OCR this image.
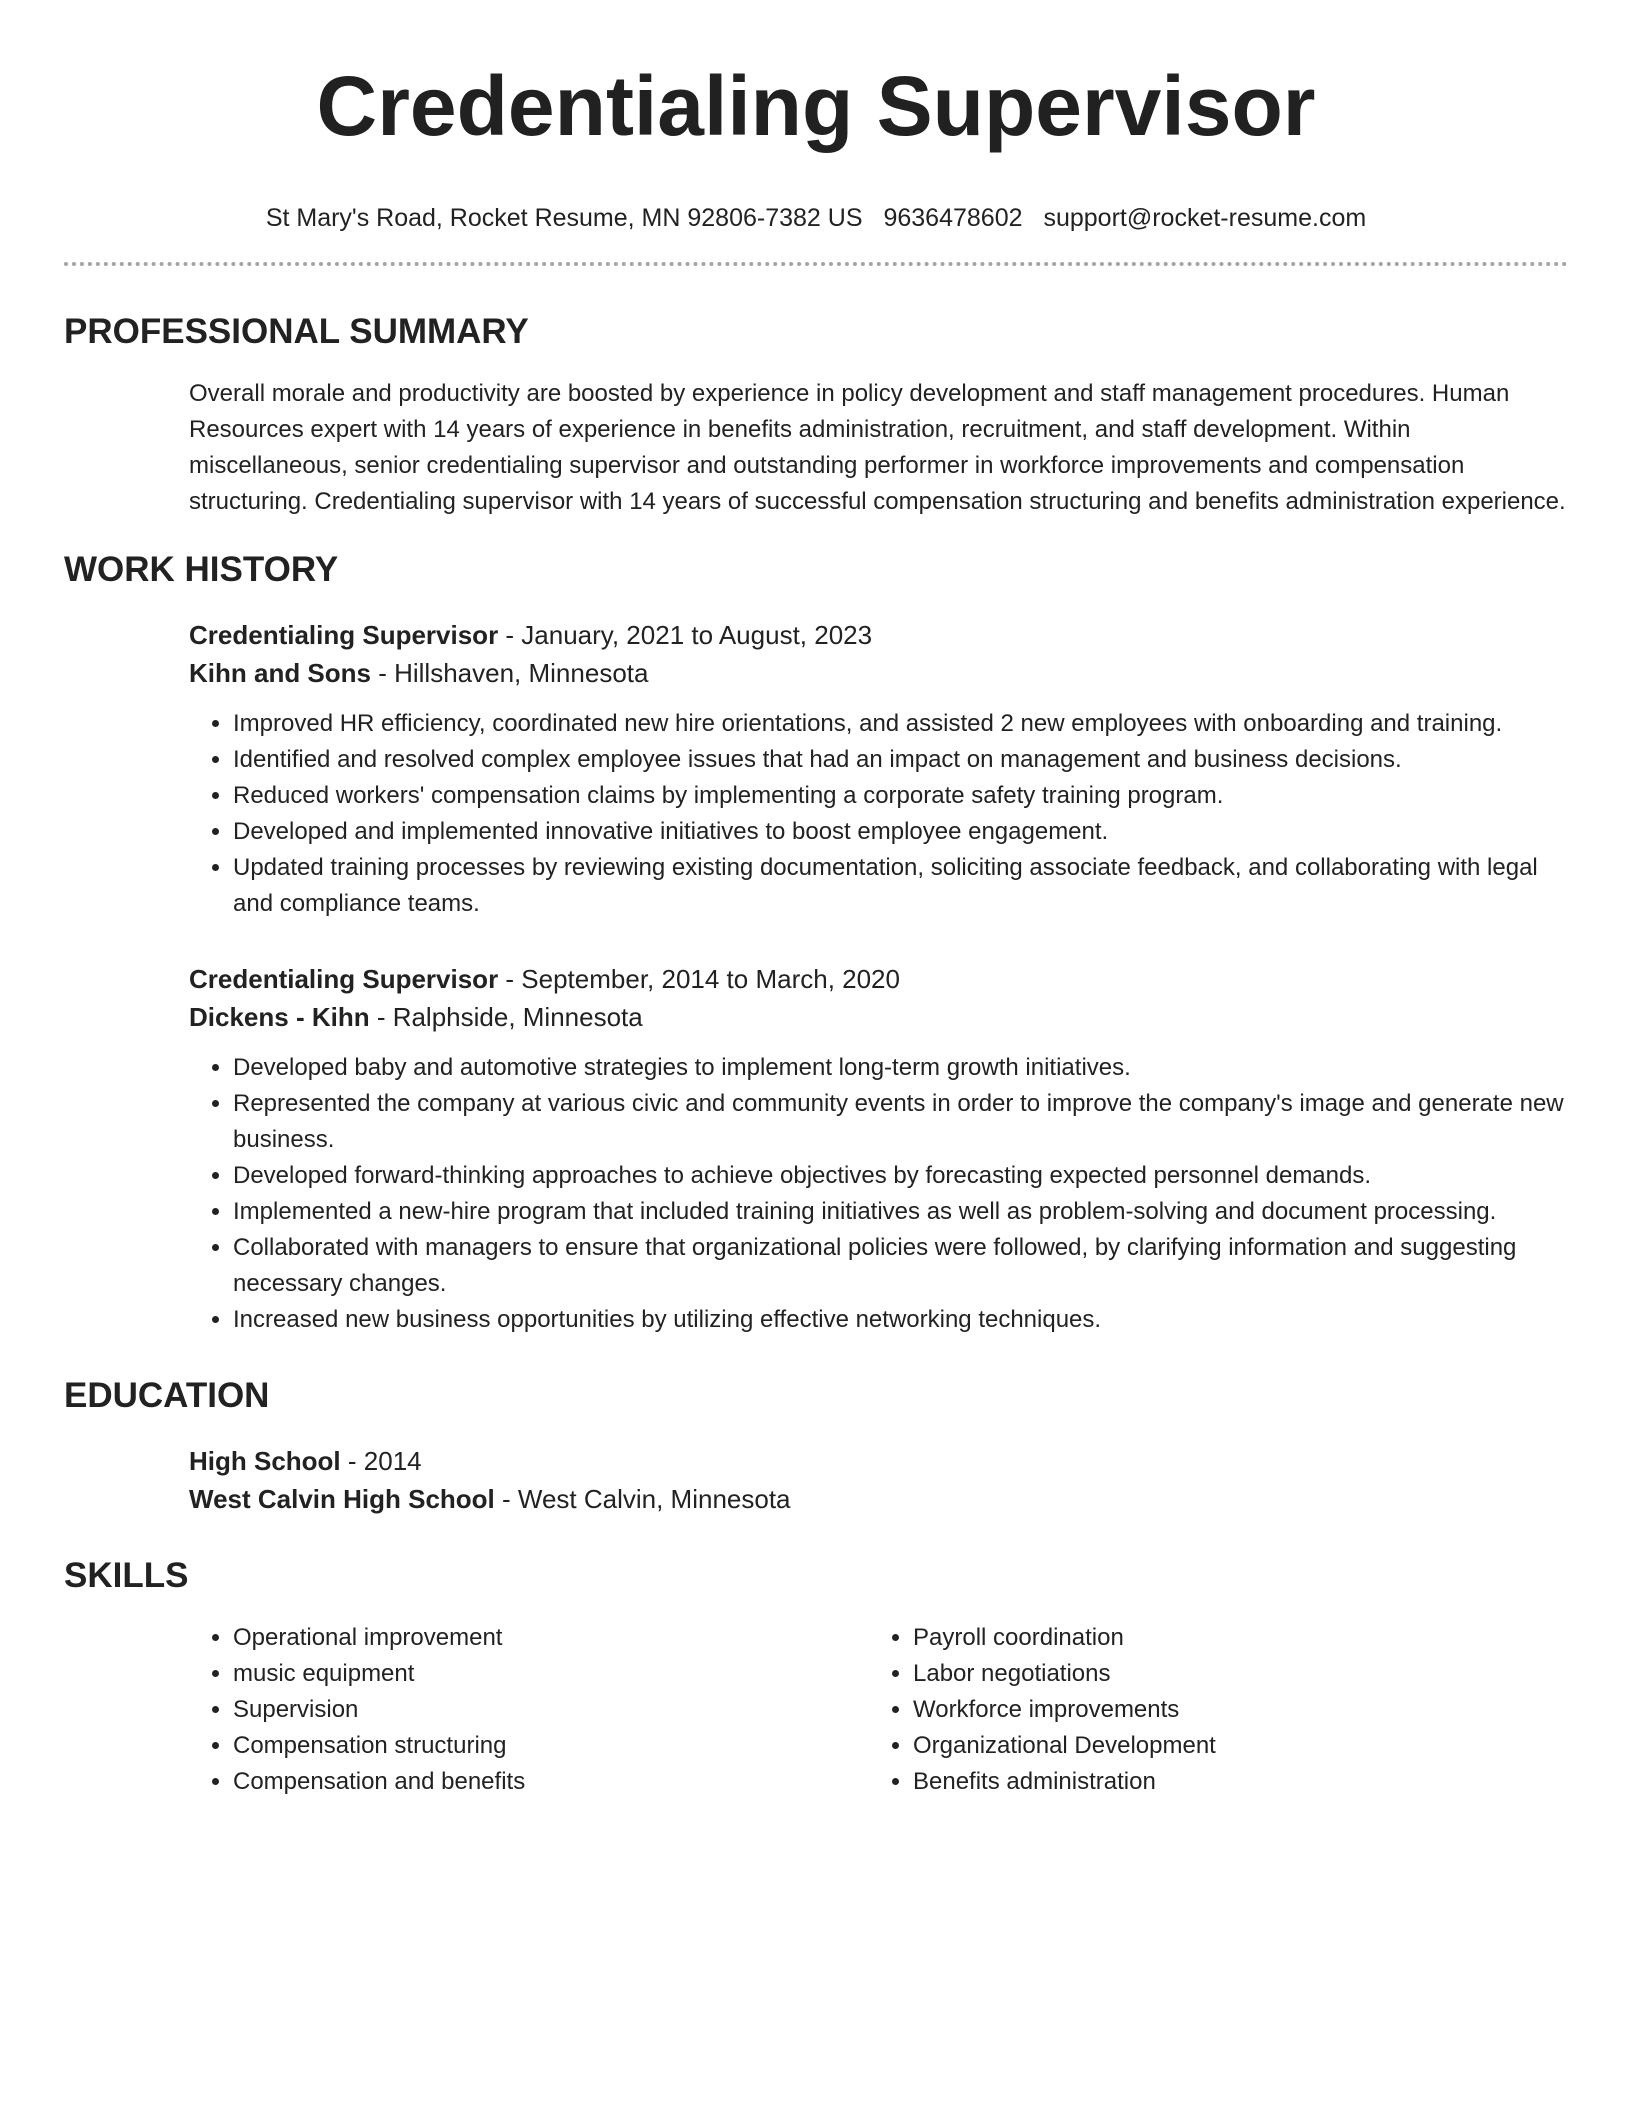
Credentialing Supervisor
St Mary's Road, Rocket Resume, MN 92806-7382 US 9636478602 support@rocket-resume.com
PROFESSIONAL SUMMARY

Overall morale and productivity are boosted by experience in policy development and staff management procedures. Human Resources expert with 14 years of experience in benefits administration, recruitment, and staff development. Within miscellaneous, senior credentialing supervisor and outstanding performer in workforce improvements and compensation structuring. Credentialing supervisor with 14 years of successful compensation structuring and benefits administration experience.

WORK HISTORY
Credentialing Supervisor - January, 2021 to August, 2023
Kihn and Sons - Hillshaven, Minnesota
• Improved HR efficiency, coordinated new hire orientations, and assisted 2 new employees with onboarding and training.
• Identified and resolved complex employee issues that had an impact on management and business decisions.
• Reduced workers' compensation claims by implementing a corporate safety training program.
• Developed and implemented innovative initiatives to boost employee engagement.
• Updated training processes by reviewing existing documentation, soliciting associate feedback, and collaborating with legal and compliance teams.
Credentialing Supervisor - September, 2014 to March, 2020
Dickens - Kihn - Ralphside, Minnesota
• Developed baby and automotive strategies to implement long-term growth initiatives.
• Represented the company at various civic and community events in order to improve the company's image and generate new business.
• Developed forward-thinking approaches to achieve objectives by forecasting expected personnel demands.
• Implemented a new-hire program that included training initiatives as well as problem-solving and document processing.
• Collaborated with managers to ensure that organizational policies were followed, by clarifying information and suggesting necessary changes.
• Increased new business opportunities by utilizing effective networking techniques.
EDUCATION
High School - 2014
West Calvin High School - West Calvin, Minnesota
SKILLS
• Operational improvement
• music equipment
• Supervision
• Compensation structuring
• Compensation and benefits
• Payroll coordination
• Labor negotiations
• Workforce improvements
• Organizational Development
• Benefits administration
